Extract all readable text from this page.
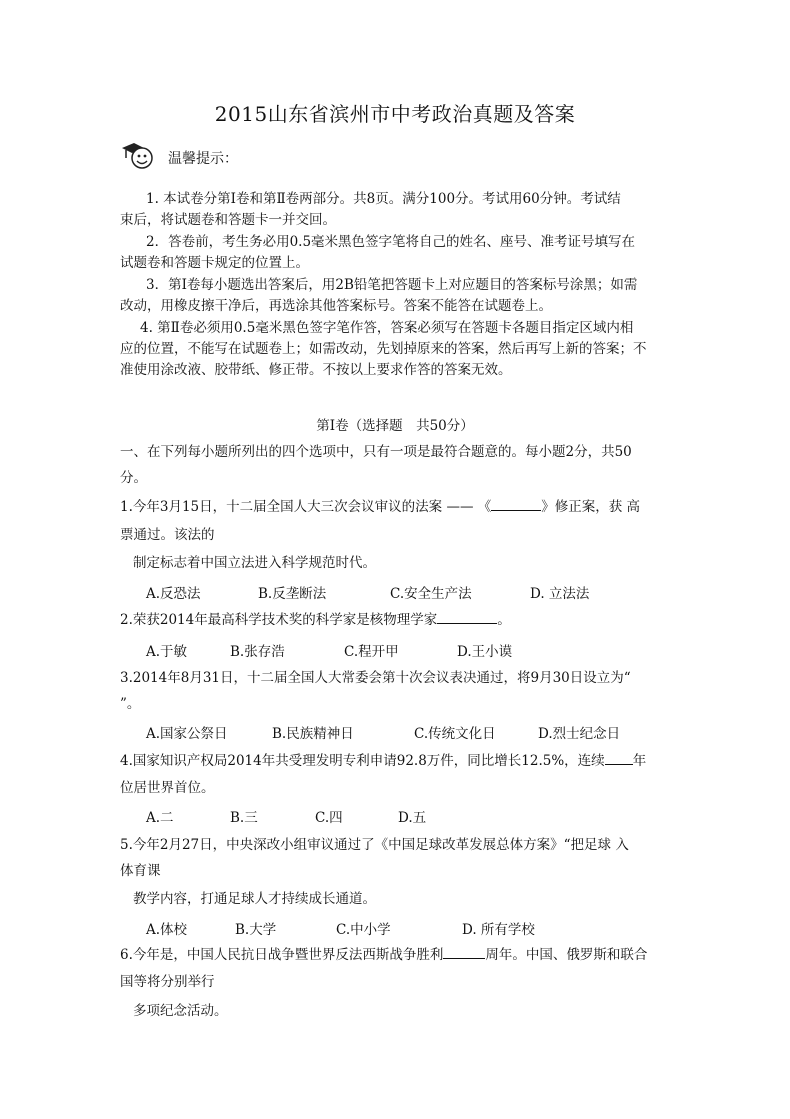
2015山东省滨州市中考政治真题及答案
温馨提示：
1. 本试卷分第Ⅰ卷和第Ⅱ卷两部分。共8页。满分100分。考试用60分钟。考试结
束后，将试题卷和答题卡一并交回。
2．答卷前，考生务必用0.5毫米黑色签字笔将自己的姓名、座号、准考证号填写在
试题卷和答题卡规定的位置上。
3．第Ⅰ卷每小题选出答案后，用2B铅笔把答题卡上对应题目的答案标号涂黑；如需
改动，用橡皮擦干净后，再选涂其他答案标号。答案不能答在试题卷上。
4. 第Ⅱ卷必须用0.5毫米黑色签字笔作答，答案必须写在答题卡各题目指定区域内相
应的位置，不能写在试题卷上；如需改动，先划掉原来的答案，然后再写上新的答案；不
准使用涂改液、胶带纸、修正带。不按以上要求作答的答案无效。
第Ⅰ卷（选择题　共50分）
一、在下列每小题所列出的四个选项中，只有一项是最符合题意的。每小题2分，共50
分。
1.今年3月15日，十二届全国人大三次会议审议的法案 —— 《	》修正案，获 高
票通过。该法的
制定标志着中国立法进入科学规范时代。
A.反恐法	B.反垄断法	C.安全生产法	D. 立法法
2.荣获2014年最高科学技术奖的科学家是核物理学家	。
A.于敏	B.张存浩	C.程开甲	D.王小谟
3.2014年8月31日，十二届全国人大常委会第十次会议表决通过，将9月30日设立为“
”。
A.国家公祭日	B.民族精神日	C.传统文化日	D.烈士纪念日
4.国家知识产权局2014年共受理发明专利申请92.8万件，同比增长12.5%，连续 年
位居世界首位。
A.二	B.三	C.四	D.五
5.今年2月27日，中央深改小组审议通过了《中国足球改革发展总体方案》“把足球 入
体育课
教学内容，打通足球人才持续成长通道。
A.体校	B.大学	C.中小学	D. 所有学校
6.今年是，中国人民抗日战争暨世界反法西斯战争胜利	周年。中国、俄罗斯和联合
国等将分别举行
多项纪念活动。
